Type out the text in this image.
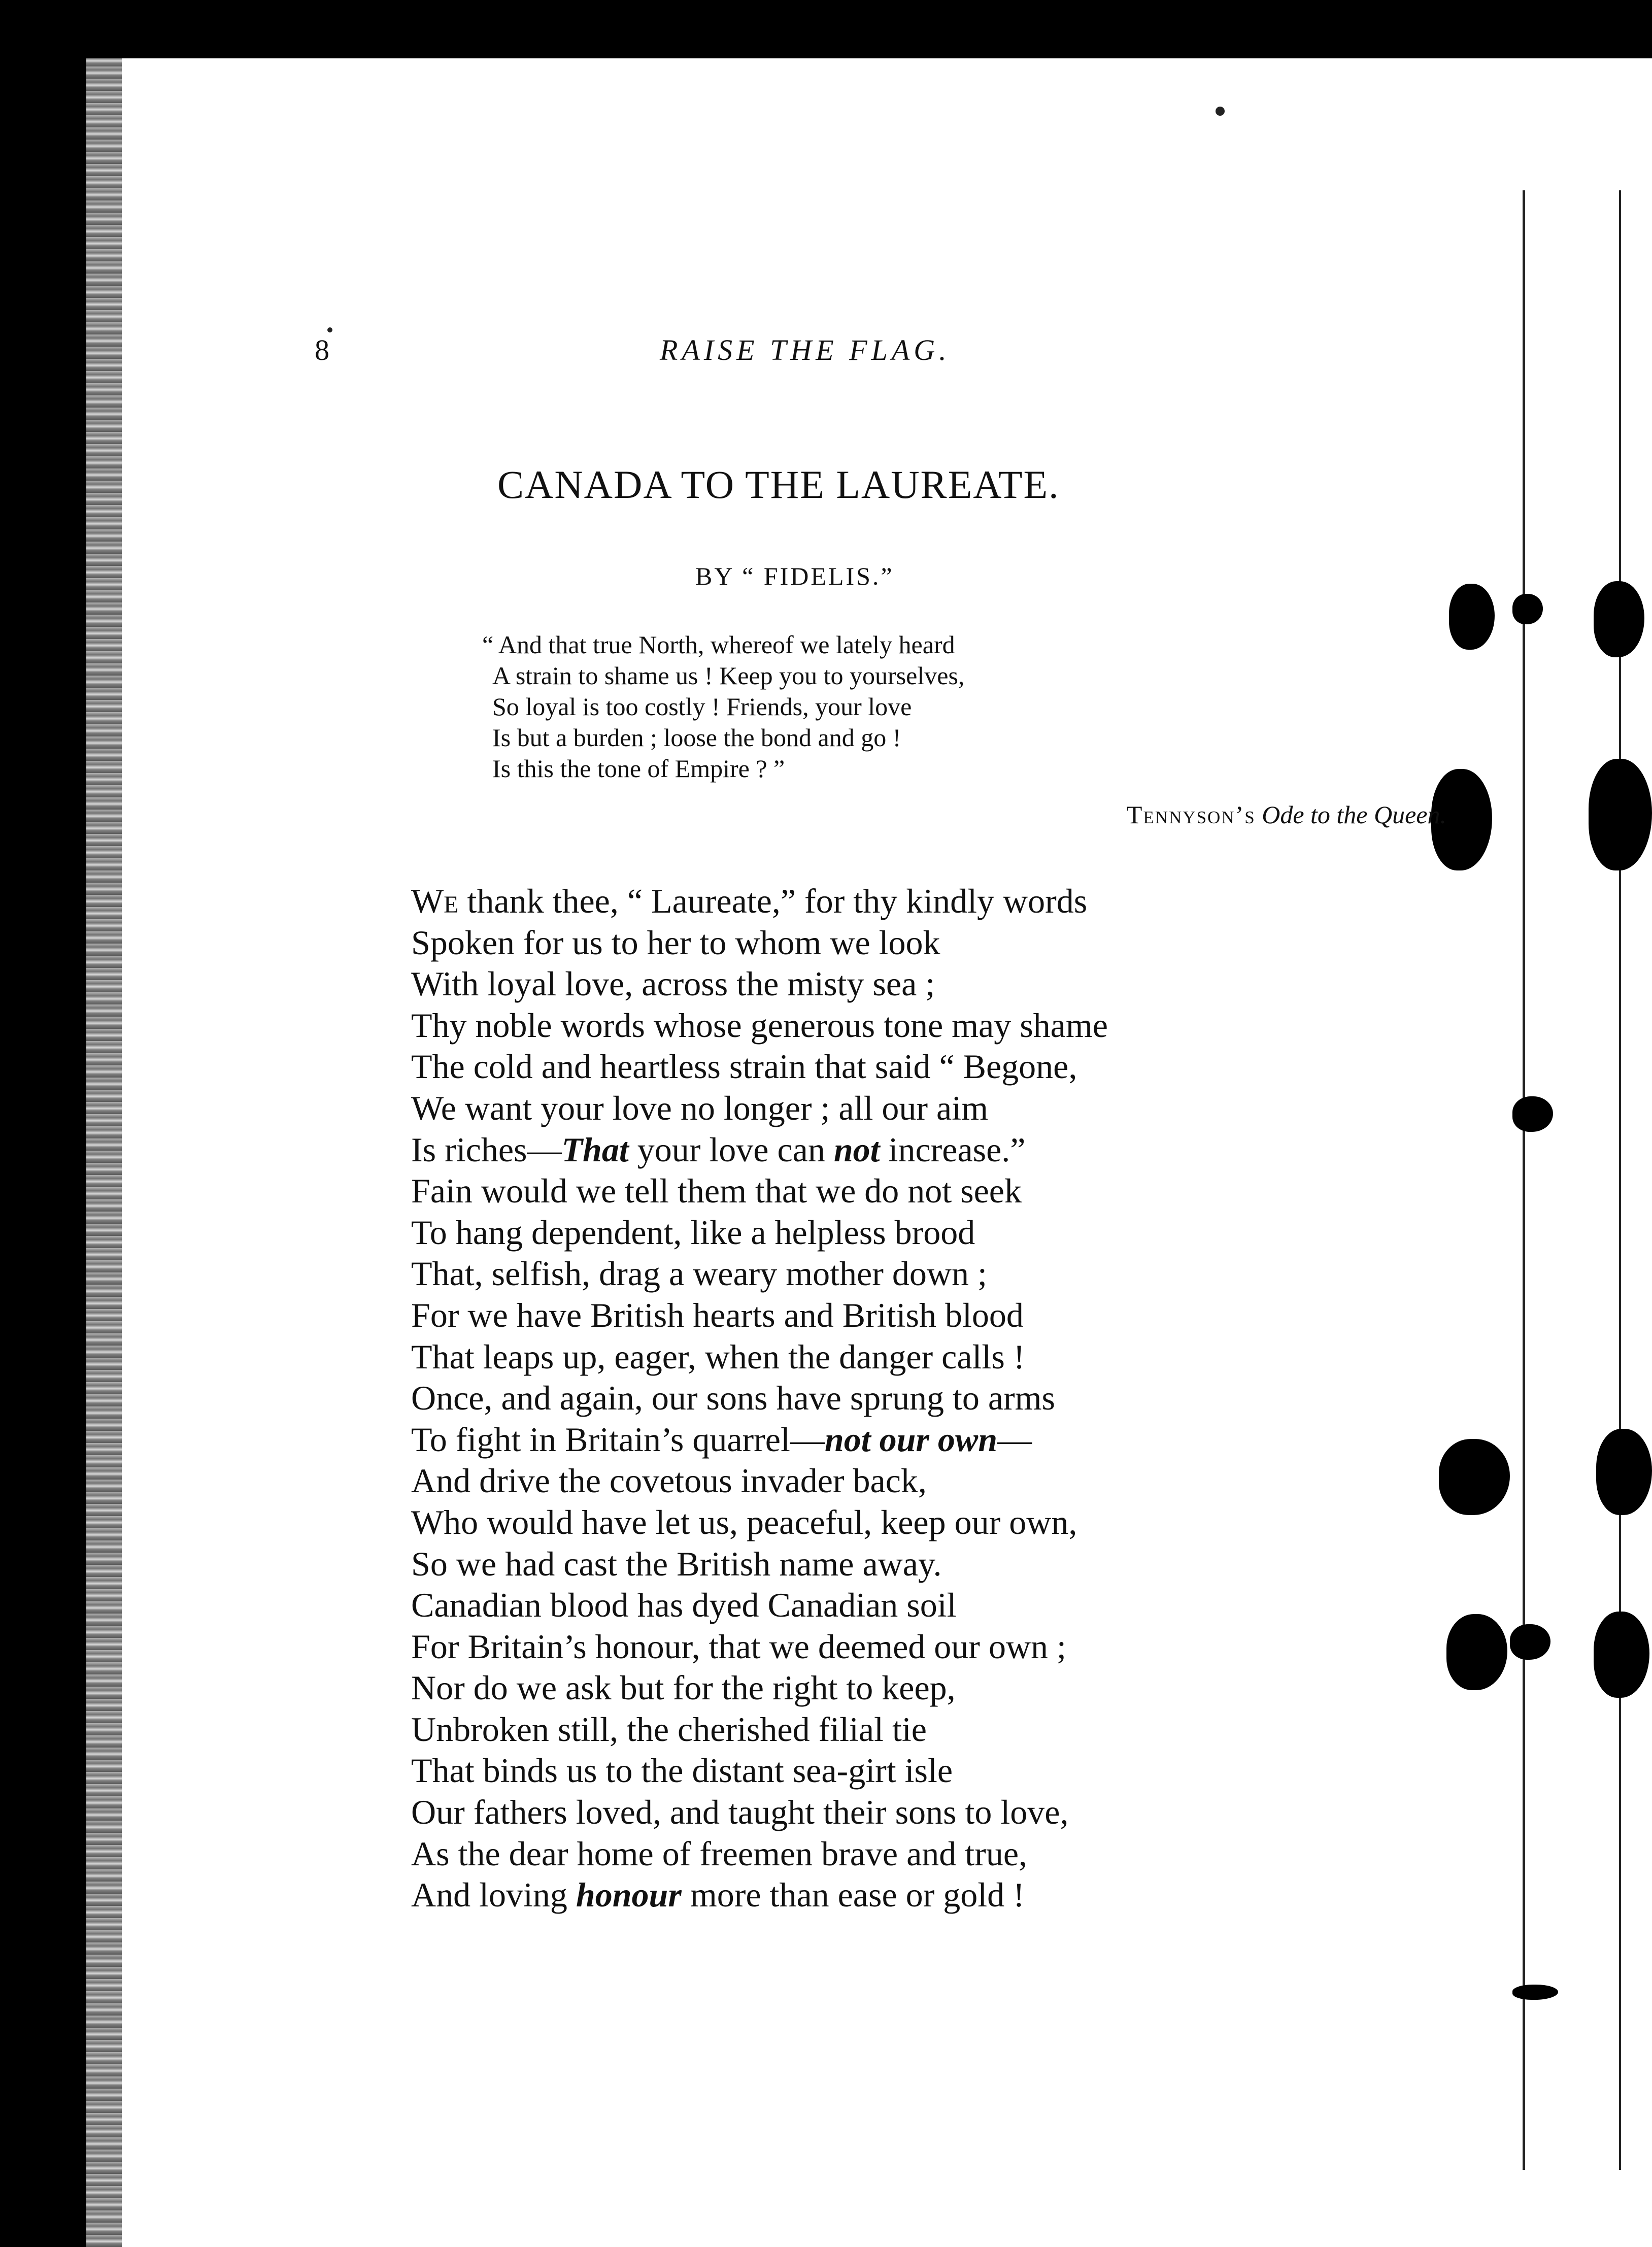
8	RAISE THE FLAG.
CANADA TO THE LAUREATE.
BY “ FIDELIS.”
“ And that true North, whereof we lately heard
A strain to shame us ! Keep you to yourselves,
So loyal is too costly ! Friends, your love
Is but a burden ; loose the bond and go !
Is this the tone of Empire ? ”
Tennyson’s Ode to the Queen.
We thank thee, “ Laureate,” for thy kindly words
Spoken for us to her to whom we look
With loyal love, across the misty sea ;
Thy noble words whose generous tone may shame
The cold and heartless strain that said “ Begone,
We want your love no longer ; all our aim
Is riches—That your love can not increase.”
Fain would we tell them that we do not seek
To hang dependent, like a helpless brood
That, selfish, drag a weary mother down ;
For we have British hearts and British blood
That leaps up, eager, when the danger calls !
Once, and again, our sons have sprung to arms
To fight in Britain’s quarrel—not our own—
And drive the covetous invader back,
Who would have let us, peaceful, keep our own,
So we had cast the British name away.
Canadian blood has dyed Canadian soil
For Britain’s honour, that we deemed our own ;
Nor do we ask but for the right to keep,
Unbroken still, the cherished filial tie
That binds us to the distant sea-girt isle
Our fathers loved, and taught their sons to love,
As the dear home of freemen brave and true,
And loving honour more than ease or gold !
